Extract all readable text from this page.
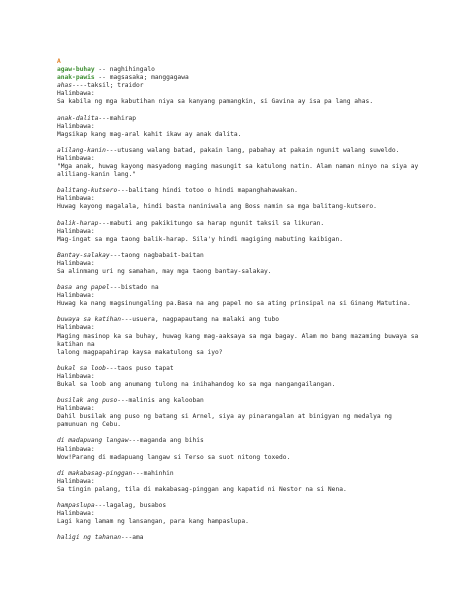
A
agaw-buhay -- naghihingalo
anak-pawis -- magsasaka; manggagawa
ahas----taksil; traidor
Halimbawa:
Sa kabila ng mga kabutihan niya sa kanyang pamangkin, si Gavina ay isa pa lang ahas.
anak-dalita---mahirap
Halimbawa:
Magsikap kang mag-aral kahit ikaw ay anak dalita.
alilang-kanin---utusang walang batad, pakain lang, pabahay at pakain ngunit walang suweldo.
Halimbawa:
"Mga anak, huwag kayong masyadong maging masungit sa katulong natin. Alam naman ninyo na siya ay
aliliang-kanin lang."
balitang-kutsero---balitang hindi totoo o hindi mapanghahawakan.
Halimbawa:
Huwag kayong magalala, hindi basta naniniwala ang Boss namin sa mga balitang-kutsero.
balik-harap---mabuti ang pakikitungo sa harap ngunit taksil sa likuran.
Halimbawa:
Mag-ingat sa mga taong balik-harap. Sila'y hindi magiging mabuting kaibigan.
Bantay-salakay---taong nagbabait-baitan
Halimbawa:
Sa alinmang uri ng samahan, may mga taong bantay-salakay.
basa ang papel---bistado na
Halimbawa:
Huwag ka nang magsinungaling pa.Basa na ang papel mo sa ating prinsipal na si Ginang Matutina.
buwaya sa katihan---usuera, nagpapautang na malaki ang tubo
Halimbawa:
Maging masinop ka sa buhay, huwag kang mag-aaksaya sa mga bagay. Alam mo bang mazaming buwaya sa katihan na
lalong magpapahirap kaysa makatulong sa iyo?
bukal sa loob---taos puso tapat
Halimbawa:
Bukal sa loob ang anumang tulong na inihahandog ko sa mga nangangailangan.
busilak ang puso---malinis ang kalooban
Halimbawa:
Dahil busilak ang puso ng batang si Arnel, siya ay pinarangalan at binigyan ng medalya ng
pamunuan ng Cebu.
di madapuang langaw---maganda ang bihis
Halimbawa:
Wow!Parang di madapuang langaw si Terso sa suot nitong toxedo.
di makabasag-pinggan---mahinhin
Halimbawa:
Sa tingin palang, tila di makabasag-pinggan ang kapatid ni Nestor na si Nena.
hampaslupa---lagalag, busabos
Halimbawa:
Lagi kang lamam ng lansangan, para kang hampaslupa.
haligi ng tahanan---ama
